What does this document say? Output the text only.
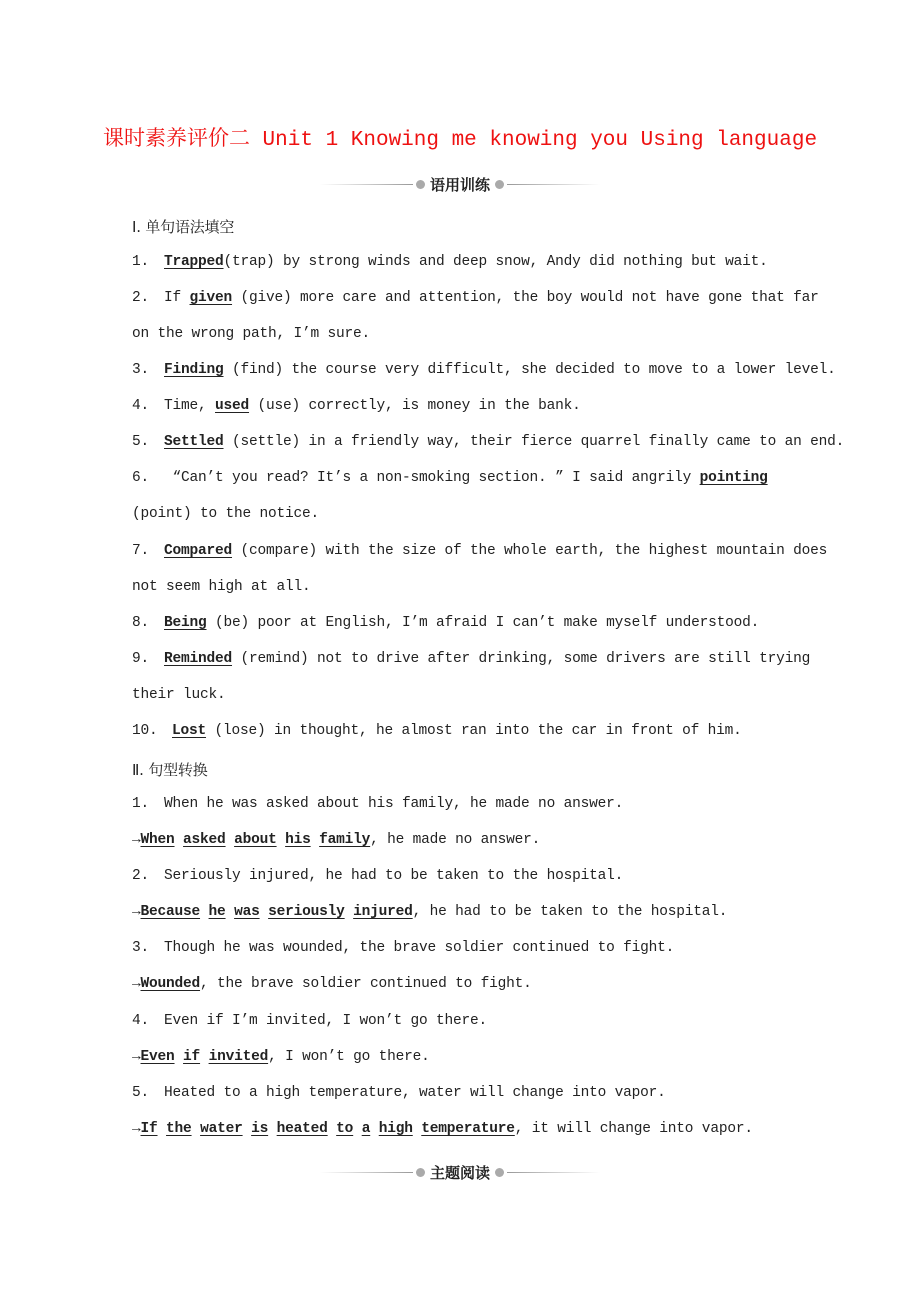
课时素养评价二 Unit 1 Knowing me knowing you Using language
语用训练
Ⅰ. 单句语法填空
1. Trapped(trap) by strong winds and deep snow, Andy did nothing but wait.
2. If given (give) more care and attention, the boy would not have gone that far
on the wrong path, I’m sure.
3. Finding (find) the course very difficult, she decided to move to a lower level.
4. Time, used (use) correctly, is money in the bank.
5. Settled (settle) in a friendly way, their fierce quarrel finally came to an end.
6. “Can’t you read? It’s a non-smoking section. ” I said angrily pointing
(point) to the notice.
7. Compared (compare) with the size of the whole earth, the highest mountain does
not seem high at all.
8. Being (be) poor at English, I’m afraid I can’t make myself understood.
9. Reminded (remind) not to drive after drinking, some drivers are still trying
their luck.
10. Lost (lose) in thought, he almost ran into the car in front of him.
Ⅱ. 句型转换
1. When he was asked about his family, he made no answer.
→When asked about his family, he made no answer.
2. Seriously injured, he had to be taken to the hospital.
→Because he was seriously injured, he had to be taken to the hospital.
3. Though he was wounded, the brave soldier continued to fight.
→Wounded, the brave soldier continued to fight.
4. Even if I’m invited, I won’t go there.
→Even if invited, I won’t go there.
5. Heated to a high temperature, water will change into vapor.
→If the water is heated to a high temperature, it will change into vapor.
主题阅读
